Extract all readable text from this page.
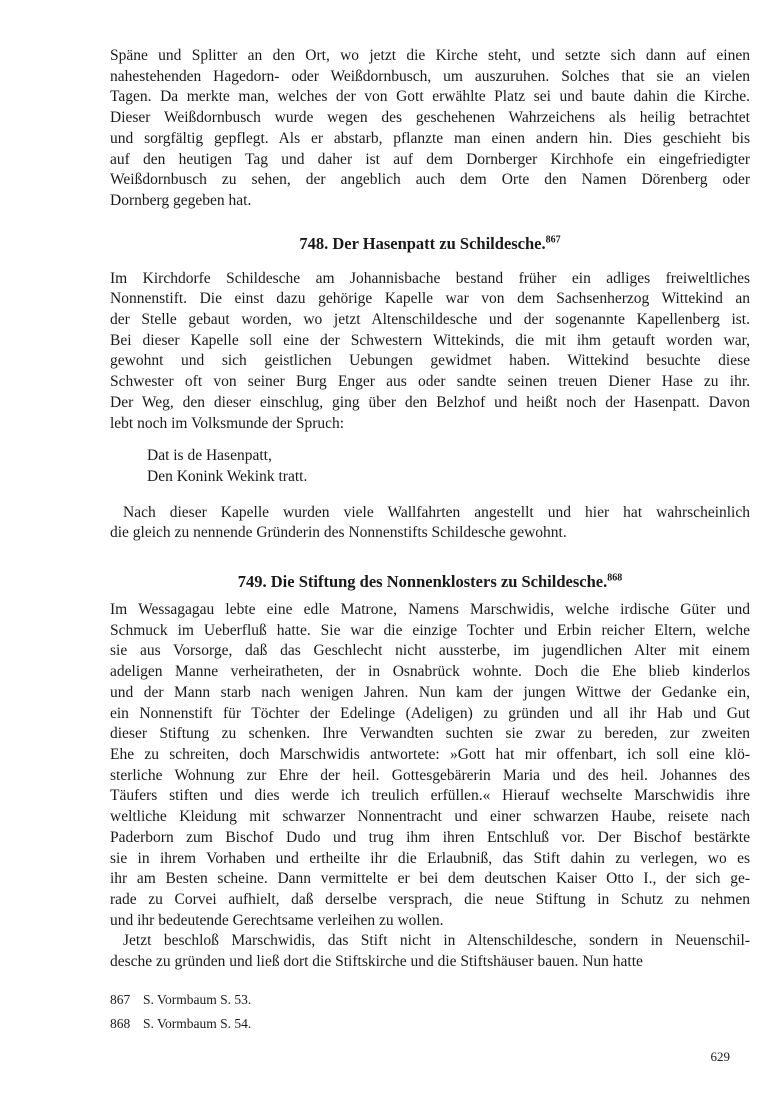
Späne und Splitter an den Ort, wo jetzt die Kirche steht, und setzte sich dann auf einen
nahestehenden Hagedorn- oder Weißdornbusch, um auszuruhen. Solches that sie an vielen
Tagen. Da merkte man, welches der von Gott erwählte Platz sei und baute dahin die Kirche.
Dieser Weißdornbusch wurde wegen des geschehenen Wahrzeichens als heilig betrachtet
und sorgfältig gepflegt. Als er abstarb, pflanzte man einen andern hin. Dies geschieht bis
auf den heutigen Tag und daher ist auf dem Dornberger Kirchhofe ein eingefriedigter
Weißdornbusch zu sehen, der angeblich auch dem Orte den Namen Dörenberg oder
Dornberg gegeben hat.
748. Der Hasenpatt zu Schildesche.$^{867}$
Im Kirchdorfe Schildesche am Johannisbache bestand früher ein adliges freiweltliches
Nonnenstift. Die einst dazu gehörige Kapelle war von dem Sachsenherzog Wittekind an
der Stelle gebaut worden, wo jetzt Altenschildesche und der sogenannte Kapellenberg ist.
Bei dieser Kapelle soll eine der Schwestern Wittekinds, die mit ihm getauft worden war,
gewohnt und sich geistlichen Uebungen gewidmet haben. Wittekind besuchte diese
Schwester oft von seiner Burg Enger aus oder sandte seinen treuen Diener Hase zu ihr.
Der Weg, den dieser einschlug, ging über den Belzhof und heißt noch der Hasenpatt. Davon
lebt noch im Volksmunde der Spruch:
Dat is de Hasenpatt,
Den Konink Wekink tratt.
Nach dieser Kapelle wurden viele Wallfahrten angestellt und hier hat wahrscheinlich
die gleich zu nennende Gründerin des Nonnenstifts Schildesche gewohnt.
749. Die Stiftung des Nonnenklosters zu Schildesche.$^{868}$
Im Wessagagau lebte eine edle Matrone, Namens Marschwidis, welche irdische Güter und
Schmuck im Ueberfluß hatte. Sie war die einzige Tochter und Erbin reicher Eltern, welche
sie aus Vorsorge, daß das Geschlecht nicht aussterbe, im jugendlichen Alter mit einem
adeligen Manne verheiratheten, der in Osnabrück wohnte. Doch die Ehe blieb kinderlos
und der Mann starb nach wenigen Jahren. Nun kam der jungen Wittwe der Gedanke ein,
ein Nonnenstift für Töchter der Edelinge (Adeligen) zu gründen und all ihr Hab und Gut
dieser Stiftung zu schenken. Ihre Verwandten suchten sie zwar zu bereden, zur zweiten
Ehe zu schreiten, doch Marschwidis antwortete: »Gott hat mir offenbart, ich soll eine klö-
sterliche Wohnung zur Ehre der heil. Gottesgebärerin Maria und des heil. Johannes des
Täufers stiften und dies werde ich treulich erfüllen.« Hierauf wechselte Marschwidis ihre
weltliche Kleidung mit schwarzer Nonnentracht und einer schwarzen Haube, reisete nach
Paderborn zum Bischof Dudo und trug ihm ihren Entschluß vor. Der Bischof bestärkte
sie in ihrem Vorhaben und ertheilte ihr die Erlaubniß, das Stift dahin zu verlegen, wo es
ihr am Besten scheine. Dann vermittelte er bei dem deutschen Kaiser Otto I., der sich ge-
rade zu Corvei aufhielt, daß derselbe versprach, die neue Stiftung in Schutz zu nehmen
und ihr bedeutende Gerechtsame verleihen zu wollen.
Jetzt beschloß Marschwidis, das Stift nicht in Altenschildesche, sondern in Neuenschil-
desche zu gründen und ließ dort die Stiftskirche und die Stiftshäuser bauen. Nun hatte
867 S. Vormbaum S. 53.
868 S. Vormbaum S. 54.
629
